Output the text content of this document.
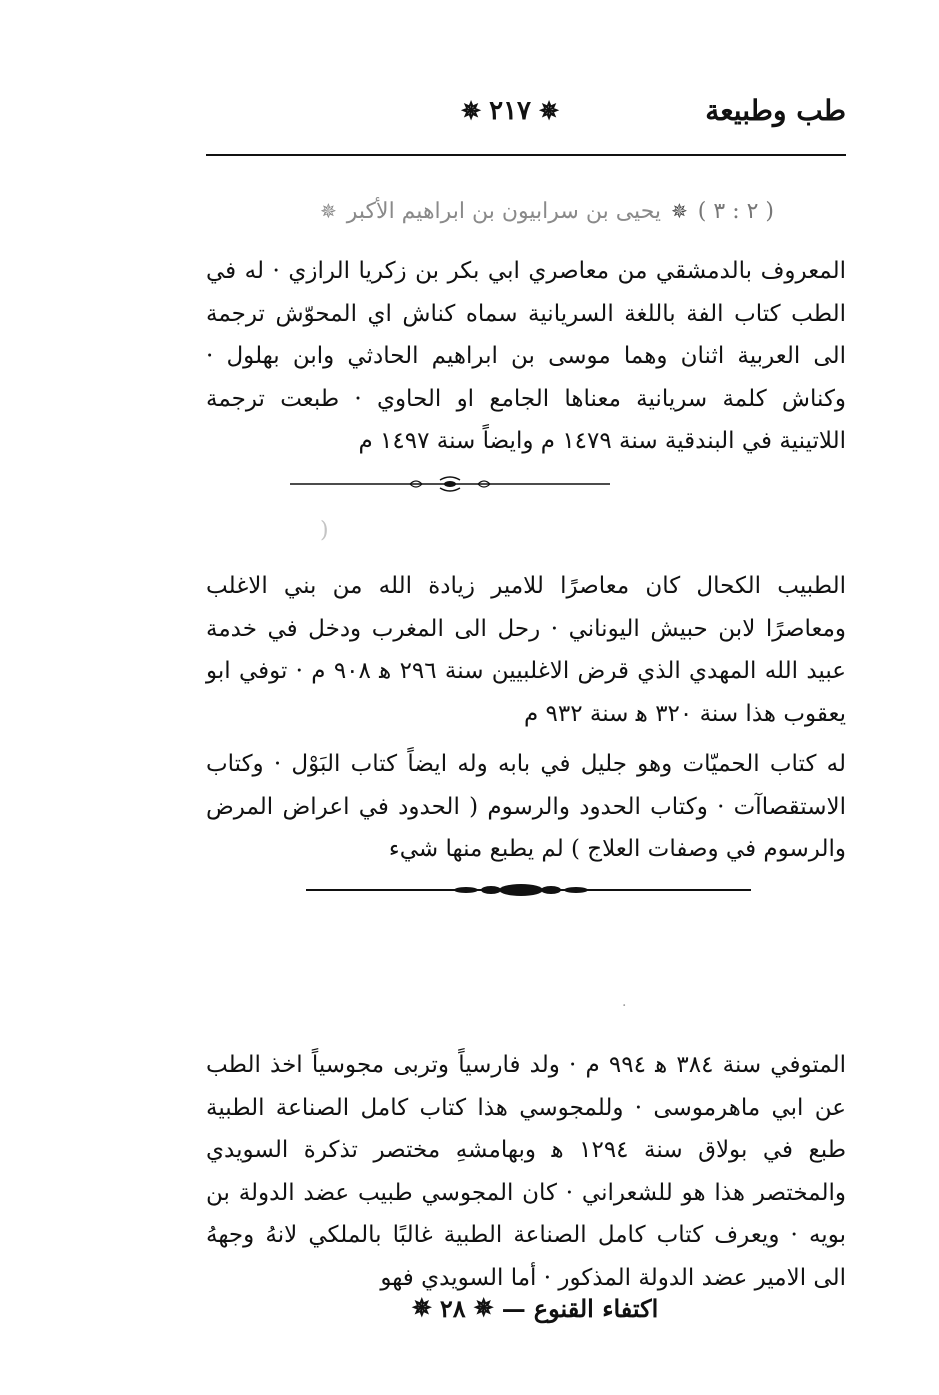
طب وطبيعة
✵
٢١٧
✵
( ٢ : ٣ )
✵
يحيى بن سرابيون بن ابراهيم الأكبر
✵
المعروف بالدمشقي من معاصري ابي بكر بن زكريا الرازي · له في الطب كتاب الفة باللغة السريانية سماه كناش اي المحوّش ترجمة الى العربية اثنان وهما موسى بن ابراهيم الحادثي وابن بهلول · وكناش كلمة سريانية معناها الجامع او الحاوي · طبعت ترجمة اللاتينية في البندقية سنة ١٤٧٩ م وايضاً سنة ١٤٩٧ م
(
الطبيب الكحال كان معاصرًا للامير زيادة الله من بني الاغلب ومعاصرًا لابن حبيش اليوناني · رحل الى المغرب ودخل في خدمة عبيد الله المهدي الذي قرض الاغلبيين سنة ٢٩٦ ﻫ ٩٠٨ م · توفي ابو يعقوب هذا سنة ٣٢٠ ﻫ سنة ٩٣٢ م
له كتاب الحميّات وهو جليل في بابه وله ايضاً كتاب البَوْل · وكتاب الاستقصاآت · وكتاب الحدود والرسوم ( الحدود في اعراض المرض والرسوم في وصفات العلاج ) لم يطبع منها شيء
·
المتوفي سنة ٣٨٤ ﻫ ٩٩٤ م · ولد فارسياً وتربى مجوسياً اخذ الطب عن ابي ماهرموسى · وللمجوسي هذا كتاب كامل الصناعة الطبية طبع في بولاق سنة ١٢٩٤ ﻫ وبهامشهِ مختصر تذكرة السويدي والمختصر هذا هو للشعراني · كان المجوسي طبيب عضد الدولة بن بويه · ويعرف كتاب كامل الصناعة الطبية غالبًا بالملكي لانهُ وجههُ الى الامير عضد الدولة المذكور · أما السويدي فهو
اكتفاء القنوع
—
✵
٢٨
✵
